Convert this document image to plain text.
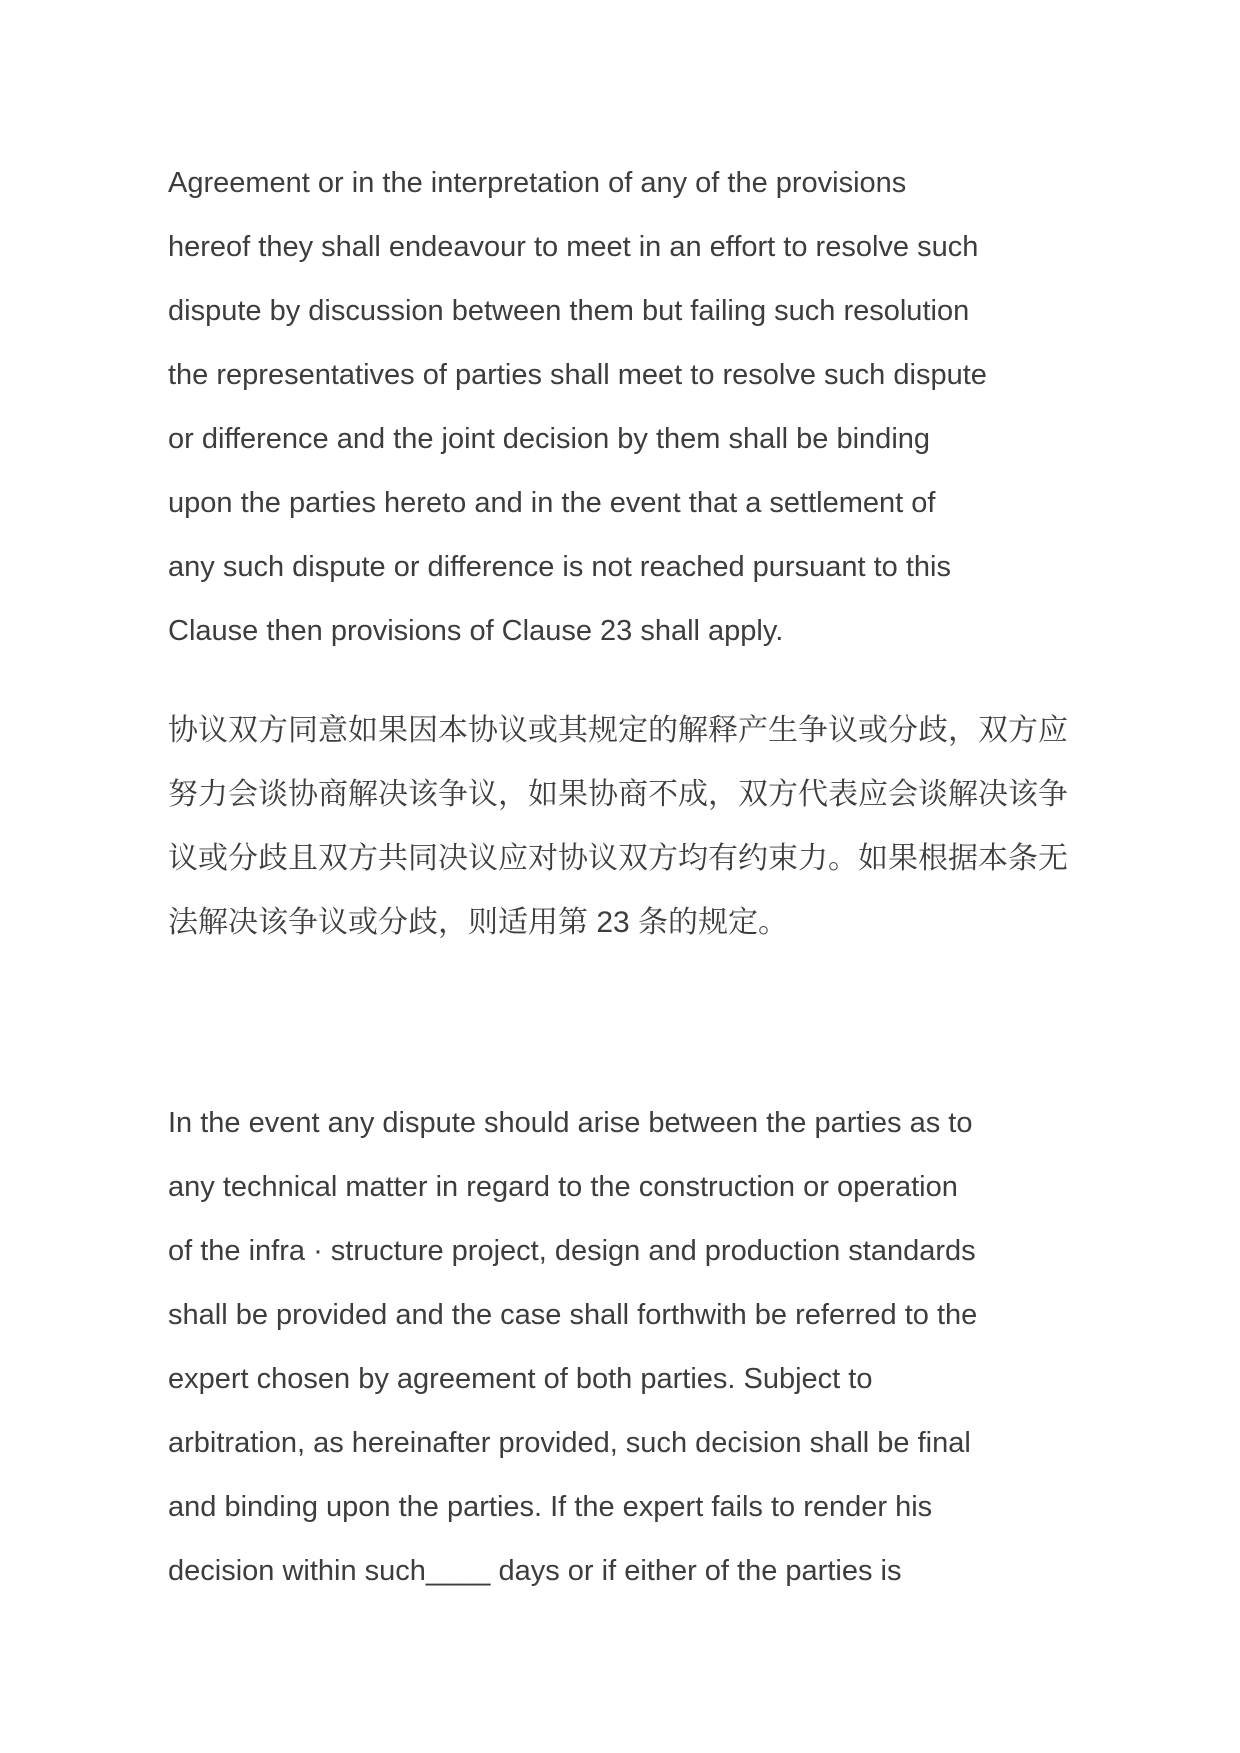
Agreement or in the interpretation of any of the provisions
hereof they shall endeavour to meet in an effort to resolve such
dispute by discussion between them but failing such resolution
the representatives of parties shall meet to resolve such dispute
or difference and the joint decision by them shall be binding
upon the parties hereto and in the event that a settlement of
any such dispute or difference is not reached pursuant to this
Clause then provisions of Clause 23 shall apply.
协议双方同意如果因本协议或其规定的解释产生争议或分歧，双方应
努力会谈协商解决该争议，如果协商不成，双方代表应会谈解决该争
议或分歧且双方共同决议应对协议双方均有约束力。如果根据本条无
法解决该争议或分歧，则适用第 23 条的规定。
In the event any dispute should arise between the parties as to
any technical matter in regard to the construction or operation
of the infra · structure project, design and production standards
shall be provided and the case shall forthwith be referred to the
expert chosen by agreement of both parties. Subject to
arbitration, as hereinafter provided, such decision shall be final
and binding upon the parties. If the expert fails to render his
decision within such____ days or if either of the parties is
